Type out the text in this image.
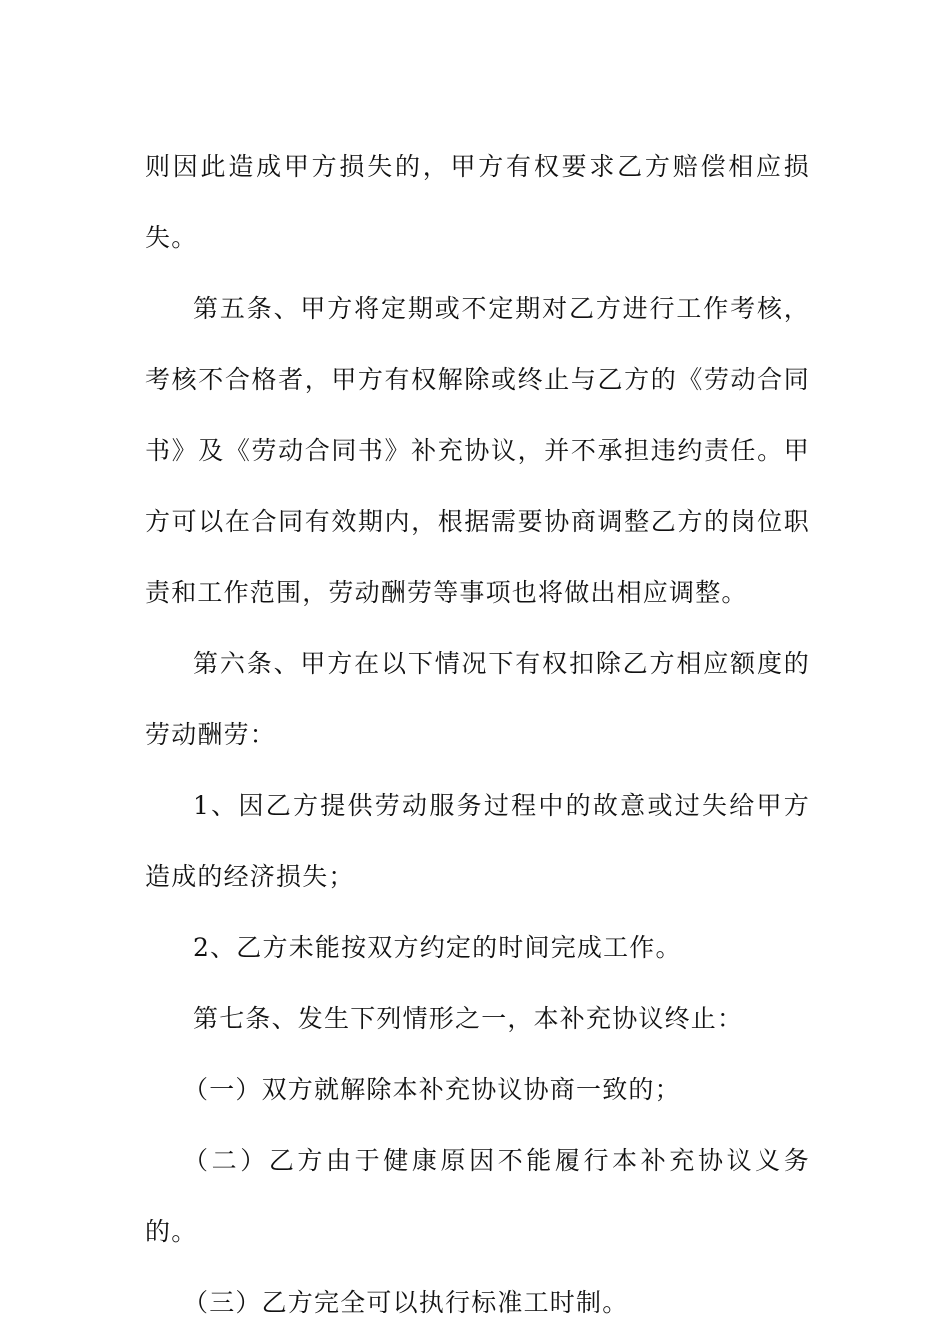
则因此造成甲方损失的，甲方有权要求乙方赔偿相应损失。

第五条、甲方将定期或不定期对乙方进行工作考核，考核不合格者，甲方有权解除或终止与乙方的《劳动合同书》及《劳动合同书》补充协议，并不承担违约责任。甲方可以在合同有效期内，根据需要协商调整乙方的岗位职责和工作范围，劳动酬劳等事项也将做出相应调整。

第六条、甲方在以下情况下有权扣除乙方相应额度的劳动酬劳：

1、因乙方提供劳动服务过程中的故意或过失给甲方造成的经济损失；

2、乙方未能按双方约定的时间完成工作。

第七条、发生下列情形之一，本补充协议终止：

（一）双方就解除本补充协议协商一致的；

（二）乙方由于健康原因不能履行本补充协议义务的。

（三）乙方完全可以执行标准工时制。
